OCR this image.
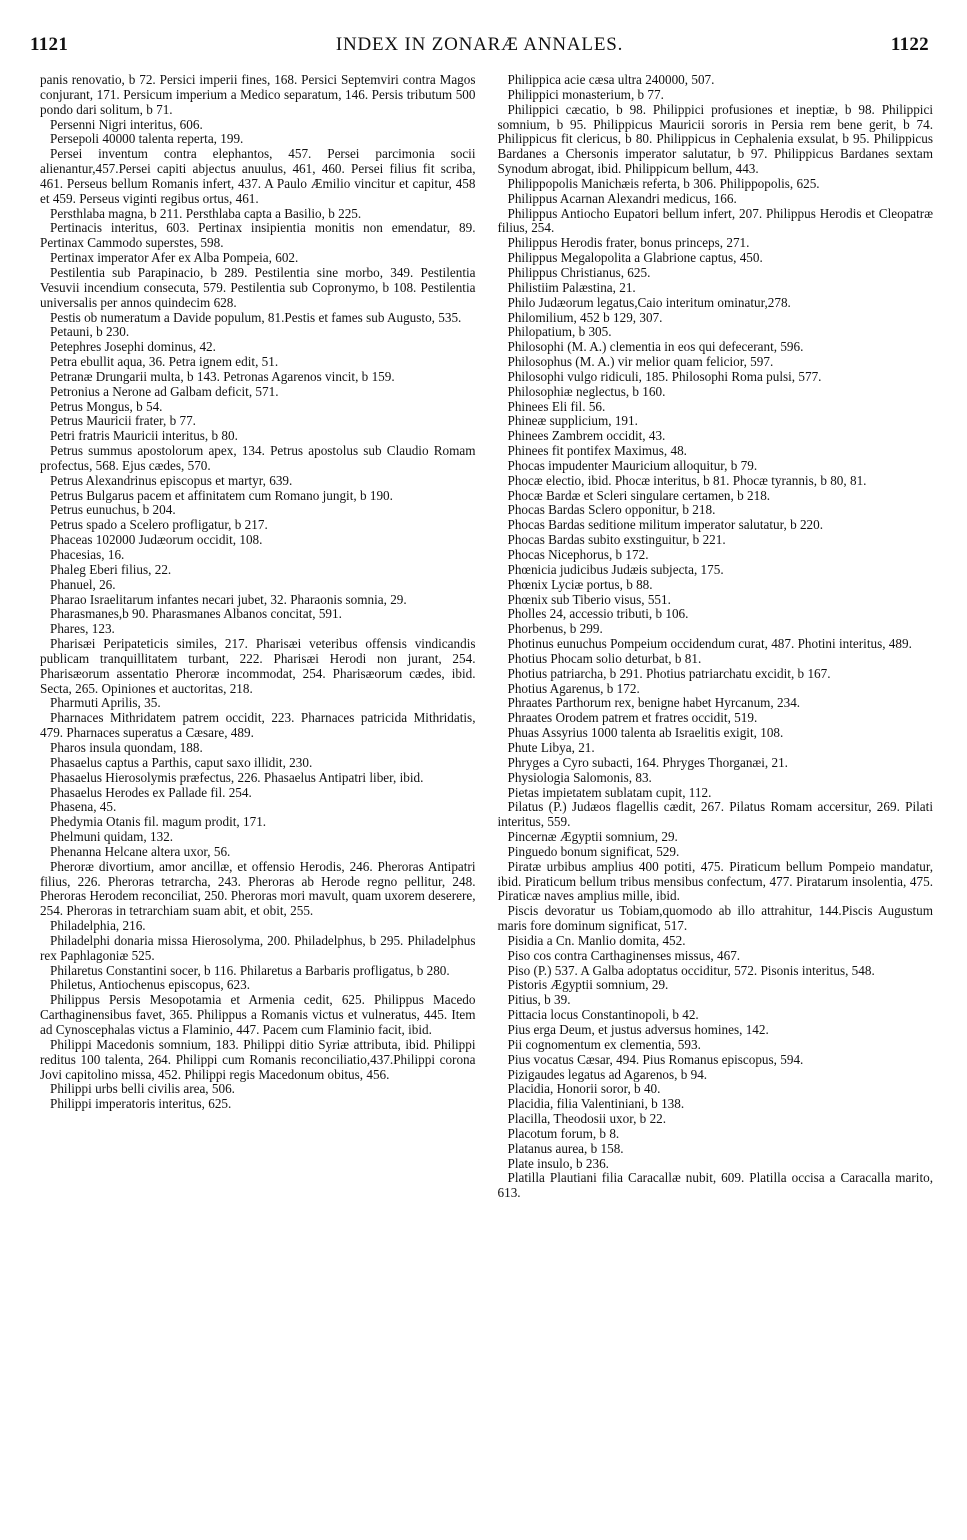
1121	INDEX IN ZONARÆ ANNALES.	1122

panis renovatio, b 72. Persici imperii fines, 168. Persici Septemviri contra Magos conjurant, 171. Persicum imperium a Medico separatum, 146. Persis tributum 500 pondo dari solitum, b 71.

Persenni Nigri interitus, 606.

Persepoli 40000 talenta reperta, 199.

Persei inventum contra elephantos, 457. Persei parcimonia socii alienantur,457.Persei capiti abjectus anuulus, 461, 460. Persei filius fit scriba, 461. Perseus bellum Romanis infert, 437. A Paulo Æmilio vincitur et capitur, 458 et 459. Perseus viginti regibus ortus, 461.

Persthlaba magna, b 211. Persthlaba capta a Basilio, b 225.

Pertinacis interitus, 603. Pertinax insipientia monitis non emendatur, 89. Pertinax Cammodo superstes, 598.

Pertinax imperator Afer ex Alba Pompeia, 602.

Pestilentia sub Parapinacio, b 289. Pestilentia sine morbo, 349. Pestilentia Vesuvii incendium consecuta, 579. Pestilentia sub Copronymo, b 108. Pestilentia universalis per annos quindecim 628.

Pestis ob numeratum a Davide populum, 81.Pestis et fames sub Augusto, 535.

Petauni, b 230.

Petephres Josephi dominus, 42.

Petra ebullit aqua, 36. Petra ignem edit, 51.

Petranæ Drungarii multa, b 143. Petronas Agarenos vincit, b 159.

Petronius a Nerone ad Galbam deficit, 571.

Petrus Mongus, b 54.

Petrus Mauricii frater, b 77.

Petri fratris Mauricii interitus, b 80.

Petrus summus apostolorum apex, 134. Petrus apostolus sub Claudio Romam profectus, 568. Ejus cædes, 570.

Petrus Alexandrinus episcopus et martyr, 639.

Petrus Bulgarus pacem et affinitatem cum Romano jungit, b 190.

Petrus eunuchus, b 204.

Petrus spado a Scelero profligatur, b 217.

Phaceas 102000 Judæorum occidit, 108.

Phacesias, 16.

Phaleg Eberi filius, 22.

Phanuel, 26.

Pharao Israelitarum infantes necari jubet, 32. Pharaonis somnia, 29.

Pharasmanes,b 90. Pharasmanes Albanos concitat, 591.

Phares, 123.

Pharisæi Peripateticis similes, 217. Pharisæi veteribus offensis vindicandis publicam tranquillitatem turbant, 222. Pharisæi Herodi non jurant, 254. Pharisæorum assentatio Pheroræ incommodat, 254. Pharisæorum cædes, ibid. Secta, 265. Opiniones et auctoritas, 218.

Pharmuti Aprilis, 35.

Pharnaces Mithridatem patrem occidit, 223. Pharnaces patricida Mithridatis, 479. Pharnaces superatus a Cæsare, 489.

Pharos insula quondam, 188.

Phasaelus captus a Parthis, caput saxo illidit, 230.

Phasaelus Hierosolymis præfectus, 226. Phasaelus Antipatri liber, ibid.

Phasaelus Herodes ex Pallade fil. 254.

Phasena, 45.

Phedymia Otanis fil. magum prodit, 171.

Phelmuni quidam, 132.

Phenanna Helcane altera uxor, 56.

Pheroræ divortium, amor ancillæ, et offensio Herodis, 246. Pheroras Antipatri filius, 226. Pheroras tetrarcha, 243. Pheroras ab Herode regno pellitur, 248. Pheroras Herodem reconciliat, 250. Pheroras mori mavult, quam uxorem deserere, 254. Pheroras in tetrarchiam suam abit, et obit, 255.

Philadelphia, 216.

Philadelphi donaria missa Hierosolyma, 200. Philadelphus, b 295. Philadelphus rex Paphlagoniæ 525.

Philaretus Constantini socer, b 116. Philaretus a Barbaris profligatus, b 280.

Philetus, Antiochenus episcopus, 623.

Philippus Persis Mesopotamia et Armenia cedit, 625. Philippus Macedo Carthaginensibus favet, 365. Philippus a Romanis victus et vulneratus, 445. Item ad Cynoscephalas victus a Flaminio, 447. Pacem cum Flaminio facit, ibid.

Philippi Macedonis somnium, 183. Philippi ditio Syriæ attributa, ibid. Philippi reditus 100 talenta, 264. Philippi cum Romanis reconciliatio,437.Philippi corona Jovi capitolino missa, 452. Philippi regis Macedonum obitus, 456.

Philippi urbs belli civilis area, 506.

Philippi imperatoris interitus, 625.

Philippica acie cæsa ultra 240000, 507.

Philippici monasterium, b 77.

Philippici cæcatio, b 98. Philippici profusiones et ineptiæ, b 98. Philippici somnium, b 95. Philippicus Mauricii sororis in Persia rem bene gerit, b 74. Philippicus fit clericus, b 80. Philippicus in Cephalenia exsulat, b 95. Philippicus Bardanes a Chersonis imperator salutatur, b 97. Philippicus Bardanes sextam Synodum abrogat, ibid. Philippicum bellum, 443.

Philippopolis Manichæis referta, b 306. Philippopolis, 625.

Philippus Acarnan Alexandri medicus, 166.

Philippus Antiocho Eupatori bellum infert, 207. Philippus Herodis et Cleopatræ filius, 254.

Philippus Herodis frater, bonus princeps, 271.

Philippus Megalopolita a Glabrione captus, 450.

Philippus Christianus, 625.

Philistiim Palæstina, 21.

Philo Judæorum legatus,Caio interitum ominatur,278.

Philomilium, 452 b 129, 307.

Philopatium, b 305.

Philosophi (M. A.) clementia in eos qui defecerant, 596.

Philosophus (M. A.) vir melior quam felicior, 597.

Philosophi vulgo ridiculi, 185. Philosophi Roma pulsi, 577.

Philosophiæ neglectus, b 160.

Phinees Eli fil. 56.

Phineæ supplicium, 191.

Phinees Zambrem occidit, 43.

Phinees fit pontifex Maximus, 48.

Phocas impudenter Mauricium alloquitur, b 79.

Phocæ electio, ibid. Phocæ interitus, b 81. Phocæ tyrannis, b 80, 81.

Phocæ Bardæ et Scleri singulare certamen, b 218.

Phocas Bardas Sclero opponitur, b 218.

Phocas Bardas seditione militum imperator salutatur, b 220.

Phocas Bardas subito exstinguitur, b 221.

Phocas Nicephorus, b 172.

Phœnicia judicibus Judæis subjecta, 175.

Phœnix Lyciæ portus, b 88.

Phœnix sub Tiberio visus, 551.

Pholles 24, accessio tributi, b 106.

Phorbenus, b 299.

Photinus eunuchus Pompeium occidendum curat, 487. Photini interitus, 489.

Photius Phocam solio deturbat, b 81.

Photius patriarcha, b 291. Photius patriarchatu excidit, b 167.

Photius Agarenus, b 172.

Phraates Parthorum rex, benigne habet Hyrcanum, 234.

Phraates Orodem patrem et fratres occidit, 519.

Phuas Assyrius 1000 talenta ab Israelitis exigit, 108.

Phute Libya, 21.

Phryges a Cyro subacti, 164. Phryges Thorganæi, 21.

Physiologia Salomonis, 83.

Pietas impietatem sublatam cupit, 112.

Pilatus (P.) Judæos flagellis cædit, 267. Pilatus Romam accersitur, 269. Pilati interitus, 559.

Pincernæ Ægyptii somnium, 29.

Pinguedo bonum significat, 529.

Piratæ urbibus amplius 400 potiti, 475. Piraticum bellum Pompeio mandatur, ibid. Piraticum bellum tribus mensibus confectum, 477. Piratarum insolentia, 475. Piraticæ naves amplius mille, ibid.

Piscis devoratur us Tobiam,quomodo ab illo attrahitur, 144.Piscis Augustum maris fore dominum significat, 517.

Pisidia a Cn. Manlio domita, 452.

Piso cos contra Carthaginenses missus, 467.

Piso (P.) 537. A Galba adoptatus occiditur, 572. Pisonis interitus, 548.

Pistoris Ægyptii somnium, 29.

Pitius, b 39.

Pittacia locus Constantinopoli, b 42.

Pius erga Deum, et justus adversus homines, 142.

Pii cognomentum ex clementia, 593.

Pius vocatus Cæsar, 494. Pius Romanus episcopus, 594.

Pizigaudes legatus ad Agarenos, b 94.

Placidia, Honorii soror, b 40.

Placidia, filia Valentiniani, b 138.

Placilla, Theodosii uxor, b 22.

Placotum forum, b 8.

Platanus aurea, b 158.

Plate insulo, b 236.

Platilla Plautiani filia Caracallæ nubit, 609. Platilla occisa a Caracalla marito, 613.
